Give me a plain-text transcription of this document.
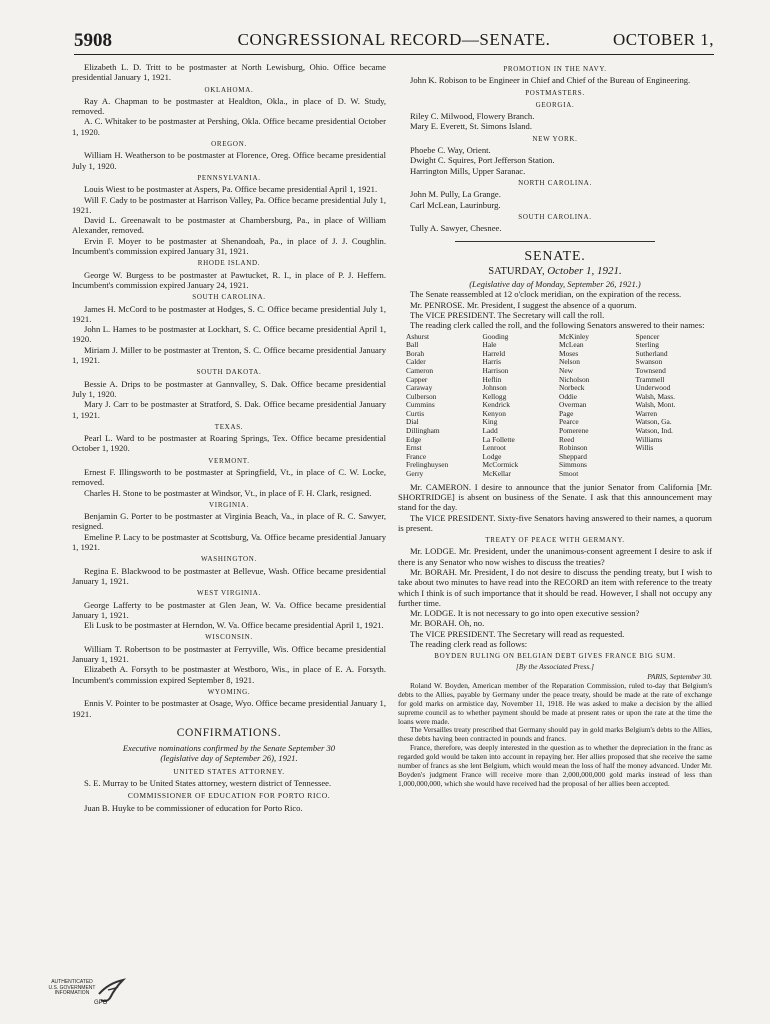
5908	CONGRESSIONAL RECORD—SENATE.	OCTOBER 1,

Elizabeth L. D. Tritt to be postmaster at North Lewisburg, Ohio. Office became presidential January 1, 1921.

OKLAHOMA.

Ray A. Chapman to be postmaster at Healdton, Okla., in place of D. W. Study, removed.

A. C. Whitaker to be postmaster at Pershing, Okla. Office became presidential October 1, 1920.

OREGON.

William H. Weatherson to be postmaster at Florence, Oreg. Office became presidential July 1, 1920.

PENNSYLVANIA.

Louis Wiest to be postmaster at Aspers, Pa. Office became presidential April 1, 1921.

Will F. Cady to be postmaster at Harrison Valley, Pa. Office became presidential July 1, 1921.

David L. Greenawalt to be postmaster at Chambersburg, Pa., in place of William Alexander, removed.

Ervin F. Moyer to be postmaster at Shenandoah, Pa., in place of J. J. Coughlin. Incumbent's commission expired January 31, 1921.

RHODE ISLAND.

George W. Burgess to be postmaster at Pawtucket, R. I., in place of P. J. Heffern. Incumbent's commission expired January 24, 1921.

SOUTH CAROLINA.

James H. McCord to be postmaster at Hodges, S. C. Office became presidential July 1, 1921.

John L. Hames to be postmaster at Lockhart, S. C. Office became presidential April 1, 1920.

Miriam J. Miller to be postmaster at Trenton, S. C. Office became presidential January 1, 1921.

SOUTH DAKOTA.

Bessie A. Drips to be postmaster at Gannvalley, S. Dak. Office became presidential July 1, 1920.

Mary J. Carr to be postmaster at Stratford, S. Dak. Office became presidential January 1, 1921.

TEXAS.

Pearl L. Ward to be postmaster at Roaring Springs, Tex. Office became presidential October 1, 1920.

VERMONT.

Ernest F. Illingsworth to be postmaster at Springfield, Vt., in place of C. W. Locke, removed.

Charles H. Stone to be postmaster at Windsor, Vt., in place of F. H. Clark, resigned.

VIRGINIA.

Benjamin G. Porter to be postmaster at Virginia Beach, Va., in place of R. C. Sawyer, resigned.

Emeline P. Lacy to be postmaster at Scottsburg, Va. Office became presidential January 1, 1921.

WASHINGTON.

Regina E. Blackwood to be postmaster at Bellevue, Wash. Office became presidential January 1, 1921.

WEST VIRGINIA.

George Lafferty to be postmaster at Glen Jean, W. Va. Office became presidential January 1, 1921.

Eli Lusk to be postmaster at Herndon, W. Va. Office became presidential April 1, 1921.

WISCONSIN.

William T. Robertson to be postmaster at Ferryville, Wis. Office became presidential January 1, 1921.

Elizabeth A. Forsyth to be postmaster at Westboro, Wis., in place of E. A. Forsyth. Incumbent's commission expired September 8, 1921.

WYOMING.

Ennis V. Pointer to be postmaster at Osage, Wyo. Office became presidential January 1, 1921.

CONFIRMATIONS.

Executive nominations confirmed by the Senate September 30

(legislative day of September 26), 1921.

UNITED STATES ATTORNEY.

S. E. Murray to be United States attorney, western district of Tennessee.

COMMISSIONER OF EDUCATION FOR PORTO RICO.

Juan B. Huyke to be commissioner of education for Porto Rico.

PROMOTION IN THE NAVY.

John K. Robison to be Engineer in Chief and Chief of the Bureau of Engineering.

POSTMASTERS.
GEORGIA.

Riley C. Milwood, Flowery Branch.

Mary E. Everett, St. Simons Island.

NEW YORK.

Phoebe C. Way, Orient.

Dwight C. Squires, Port Jefferson Station.

Harrington Mills, Upper Saranac.

NORTH CAROLINA.

John M. Pully, La Grange.

Carl McLean, Laurinburg.

SOUTH CAROLINA.

Tully A. Sawyer, Chesnee.

SENATE.
SATURDAY, October 1, 1921.

(Legislative day of Monday, September 26, 1921.)

The Senate reassembled at 12 o'clock meridian, on the expiration of the recess.

Mr. PENROSE. Mr. President, I suggest the absence of a quorum.

The VICE PRESIDENT. The Secretary will call the roll.

The reading clerk called the roll, and the following Senators answered to their names:

Ashurst	Gooding	McKinley	Spencer
Ball	Hale	McLean	Sterling
Borah	Harreld	Moses	Sutherland
Calder	Harris	Nelson	Swanson
Cameron	Harrison	New	Townsend
Capper	Heflin	Nicholson	Trammell
Caraway	Johnson	Norbeck	Underwood
Culberson	Kellogg	Oddie	Walsh, Mass.
Cummins	Kendrick	Overman	Walsh, Mont.
Curtis	Kenyon	Page	Warren
Dial	King	Pearce	Watson, Ga.
Dillingham	Ladd	Pomerene	Watson, Ind.
Edge	La Follette	Reed	Williams
Ernst	Lenroot	Robinson	Willis
France	Lodge	Sheppard
Frelinghuysen	McCormick	Simmons
Gerry	McKellar	Smoot

Mr. CAMERON. I desire to announce that the junior Senator from California [Mr. SHORTRIDGE] is absent on business of the Senate. I ask that this announcement may stand for the day.

The VICE PRESIDENT. Sixty-five Senators having answered to their names, a quorum is present.

TREATY OF PEACE WITH GERMANY.

Mr. LODGE. Mr. President, under the unanimous-consent agreement I desire to ask if there is any Senator who now wishes to discuss the treaties?

Mr. BORAH. Mr. President, I do not desire to discuss the pending treaty, but I wish to take about two minutes to have read into the RECORD an item with reference to the treaty which I think is of such importance that it should be read. However, I shall not occupy any further time.

Mr. LODGE. It is not necessary to go into open executive session?

Mr. BORAH. Oh, no.

The VICE PRESIDENT. The Secretary will read as requested.

The reading clerk read as follows:

BOYDEN RULING ON BELGIAN DEBT GIVES FRANCE BIG SUM.
[By the Associated Press.]

PARIS, September 30.

Roland W. Boyden, American member of the Reparation Commission, ruled to-day that Belgium's debts to the Allies, payable by Germany under the peace treaty, should be made at the rate of exchange for gold marks on armistice day, November 11, 1918. He was asked to make a decision by the allied supreme council as to whether payment should be made at present rates or upon the rate at the time the loans were made.

The Versailles treaty prescribed that Germany should pay in gold marks Belgium's debts to the Allies, these debts having been contracted in pounds and francs.

France, therefore, was deeply interested in the question as to whether the depreciation in the franc as regarded gold would be taken into account in repaying her. Her allies proposed that she receive the same number of francs as she lent Belgium, which would mean the loss of half the money advanced. Under Mr. Boyden's judgment France will receive more than 2,000,000,000 gold marks instead of less than 1,000,000,000, which she would have received had the proposal of her allies been accepted.

AUTHENTICATED
U.S. GOVERNMENT
INFORMATION
GPO
